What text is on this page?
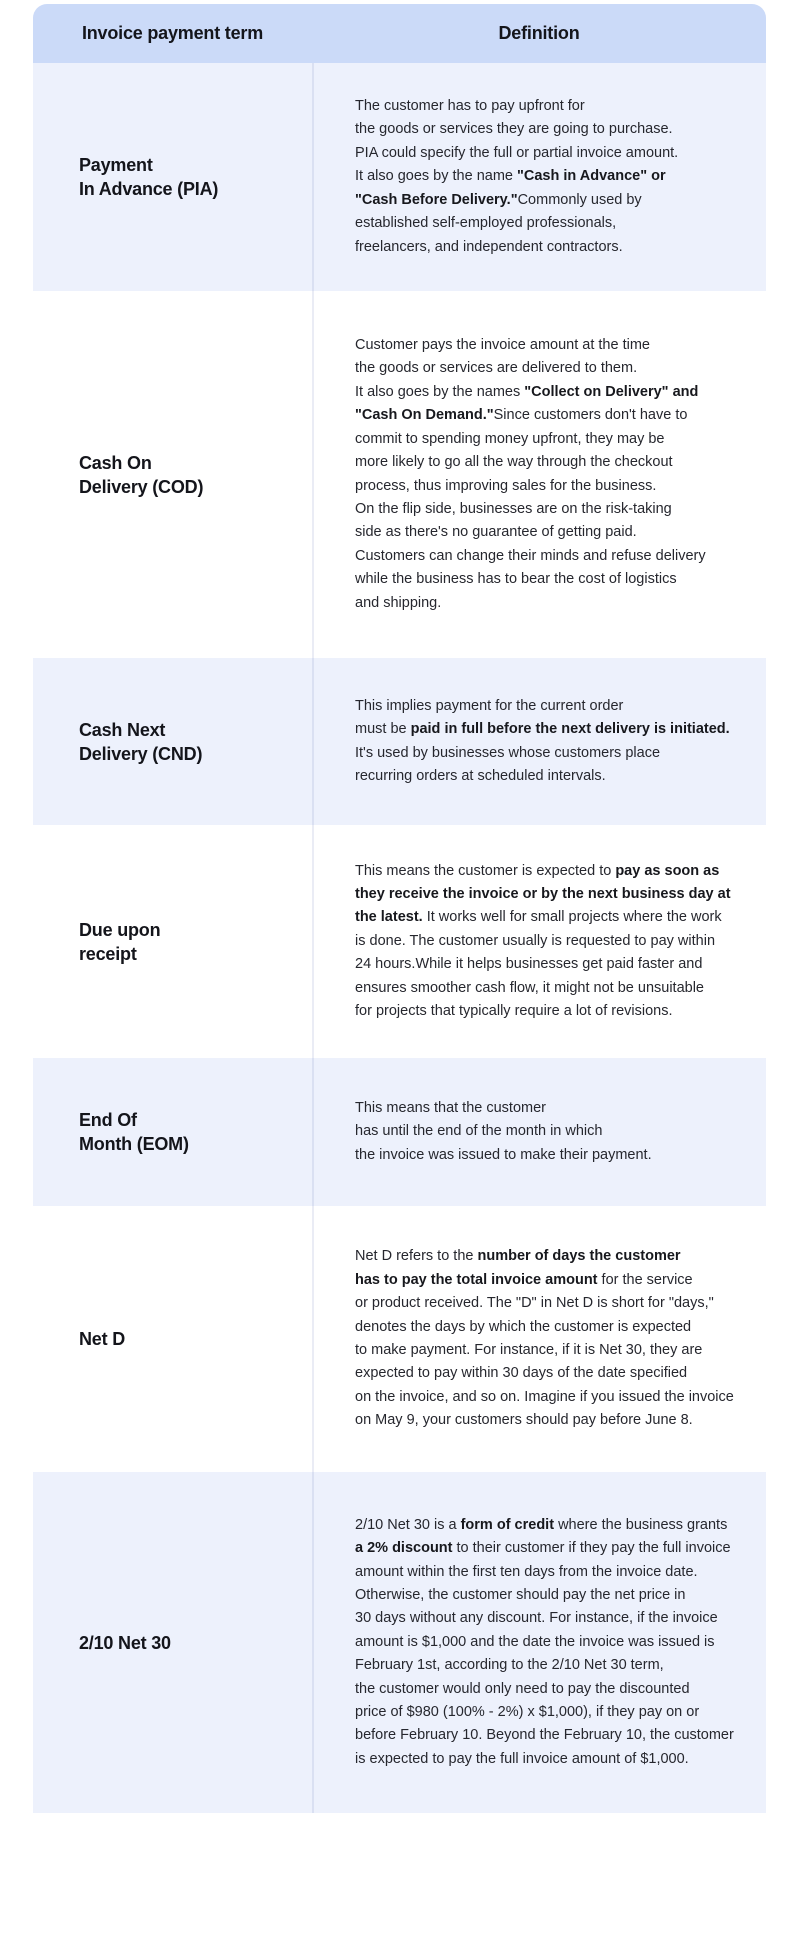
Invoice payment term	Definition
Payment
In Advance (PIA)
The customer has to pay upfront for
the goods or services they are going to purchase.
PIA could specify the full or partial invoice amount.
It also goes by the name "Cash in Advance" or
"Cash Before Delivery."Commonly used by
established self-employed professionals,
freelancers, and independent contractors.
Cash On
Delivery (COD)
Customer pays the invoice amount at the time
the goods or services are delivered to them.
It also goes by the names "Collect on Delivery" and
"Cash On Demand."Since customers don't have to
commit to spending money upfront, they may be
more likely to go all the way through the checkout
process, thus improving sales for the business.
On the flip side, businesses are on the risk-taking
side as there's no guarantee of getting paid.
Customers can change their minds and refuse delivery
while the business has to bear the cost of logistics
and shipping.
Cash Next
Delivery (CND)
This implies payment for the current order
must be paid in full before the next delivery is initiated.
It's used by businesses whose customers place
recurring orders at scheduled intervals.
Due upon
receipt
This means the customer is expected to pay as soon as
they receive the invoice or by the next business day at
the latest. It works well for small projects where the work
is done. The customer usually is requested to pay within
24 hours.While it helps businesses get paid faster and
ensures smoother cash flow, it might not be unsuitable
for projects that typically require a lot of revisions.
End Of
Month (EOM)
This means that the customer
has until the end of the month in which
the invoice was issued to make their payment.
Net D
Net D refers to the number of days the customer
has to pay the total invoice amount for the service
or product received. The "D" in Net D is short for "days,"
denotes the days by which the customer is expected
to make payment. For instance, if it is Net 30, they are
expected to pay within 30 days of the date specified
on the invoice, and so on. Imagine if you issued the invoice
on May 9, your customers should pay before June 8.
2/10 Net 30
2/10 Net 30 is a form of credit where the business grants
a 2% discount to their customer if they pay the full invoice
amount within the first ten days from the invoice date.
Otherwise, the customer should pay the net price in
30 days without any discount. For instance, if the invoice
amount is $1,000 and the date the invoice was issued is
February 1st, according to the 2/10 Net 30 term,
the customer would only need to pay the discounted
price of $980 (100% - 2%) x $1,000), if they pay on or
before February 10. Beyond the February 10, the customer
is expected to pay the full invoice amount of $1,000.
